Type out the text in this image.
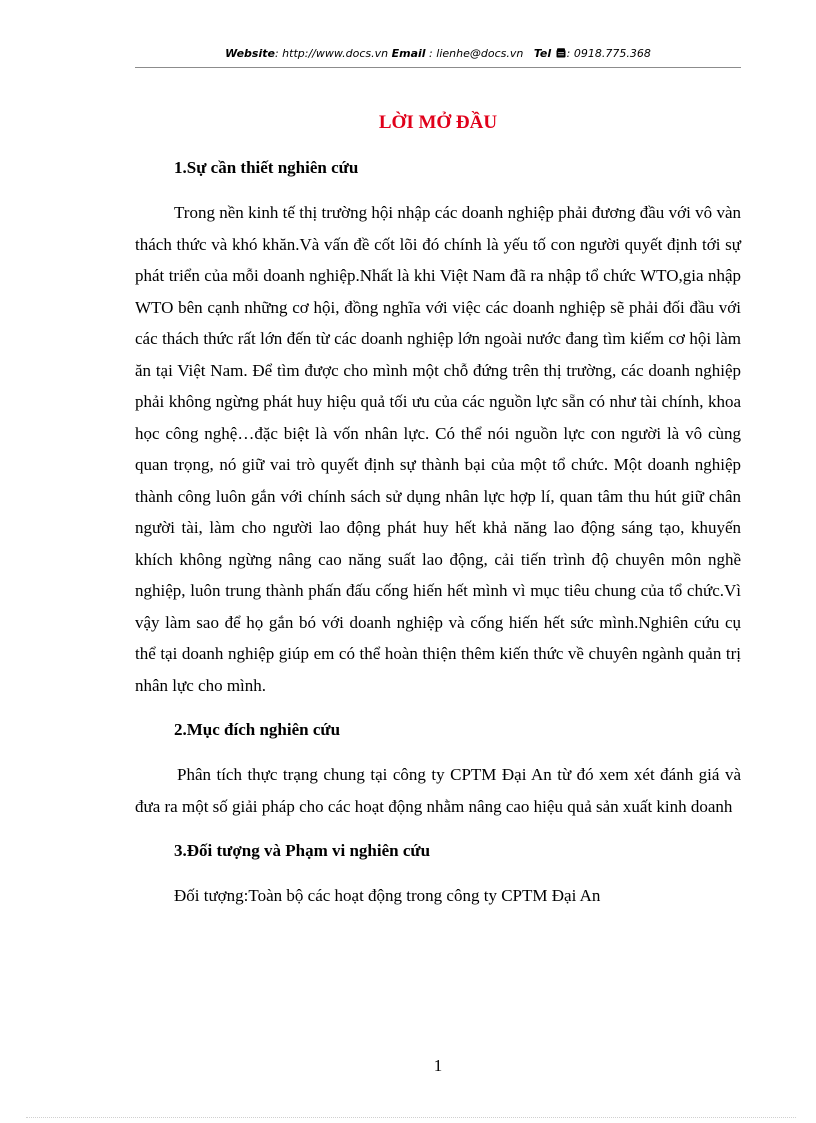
Website: http://www.docs.vn Email : lienhe@docs.vn Tel : 0918.775.368
LỜI MỞ ĐẦU

1.Sự cần thiết nghiên cứu

Trong nền kinh tế thị trường hội nhập các doanh nghiệp phải đương đầu với vô vàn thách thức và khó khăn.Và vấn đề cốt lõi đó chính là yếu tố con người quyết định tới sự phát triển của mỗi doanh nghiệp.Nhất là khi Việt Nam đã ra nhập tổ chức WTO,gia nhập WTO bên cạnh những cơ hội, đồng nghĩa với việc các doanh nghiệp sẽ phải đối đầu với các thách thức rất lớn đến từ các doanh nghiệp lớn ngoài nước đang tìm kiếm cơ hội làm ăn tại Việt Nam. Để tìm được cho mình một chỗ đứng trên thị trường, các doanh nghiệp phải không ngừng phát huy hiệu quả tối ưu của các nguồn lực sẵn có như tài chính, khoa học công nghệ…đặc biệt là vốn nhân lực. Có thể nói nguồn lực con người là vô cùng quan trọng, nó giữ vai trò quyết định sự thành bại của một tổ chức. Một doanh nghiệp thành công luôn gắn với chính sách sử dụng nhân lực hợp lí, quan tâm thu hút giữ chân người tài, làm cho người lao động phát huy hết khả năng lao động sáng tạo, khuyến khích không ngừng nâng cao năng suất lao động, cải tiến trình độ chuyên môn nghề nghiệp, luôn trung thành phấn đấu cống hiến hết mình vì mục tiêu chung của tổ chức.Vì vậy làm sao để họ gắn bó với doanh nghiệp và cống hiến hết sức mình.Nghiên cứu cụ thể tại doanh nghiệp giúp em có thể hoàn thiện thêm kiến thức về chuyên ngành quản trị nhân lực cho mình.

2.Mục đích nghiên cứu

Phân tích thực trạng chung tại công ty CPTM Đại An từ đó xem xét đánh giá và đưa ra một số giải pháp cho các hoạt động nhằm nâng cao hiệu quả sản xuất kinh doanh

3.Đối tượng và Phạm vi nghiên cứu

Đối tượng:Toàn bộ các hoạt động trong công ty CPTM Đại An

1
